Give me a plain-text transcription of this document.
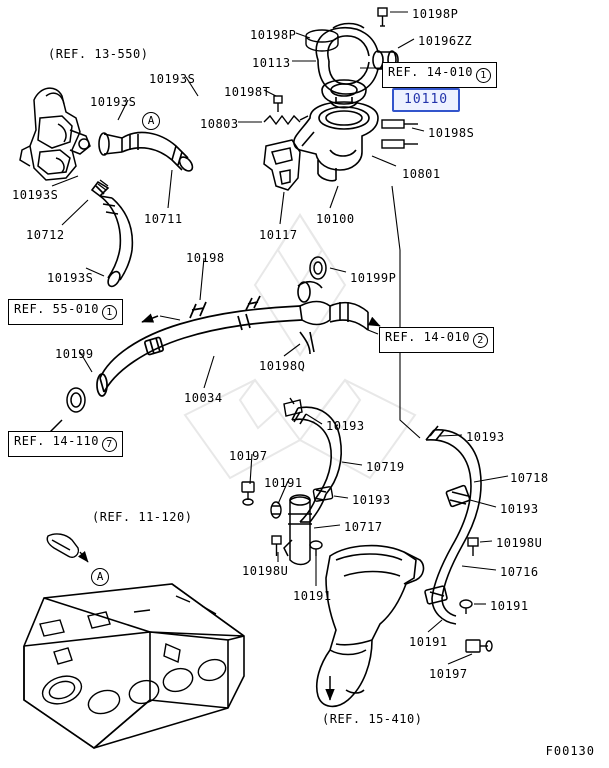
10198P
10198P	10196ZZ
10113
10193S
10198T
10193S
10803
10198S
10193S
10801
10711
10712
10100
10117
10198
10193S	10199P
10199
10198Q
10034
10193
10193
10197
10719
10718
10191
10193
10193
10717
10198U
10198U	10716
10191
10191
10191
10197
10110
REF. 14-010 1
REF. 55-010 1
REF. 14-010 2
REF. 14-110 7
(REF. 13-550)
(REF. 11-120)
(REF. 15-410)
A
A
F00130
